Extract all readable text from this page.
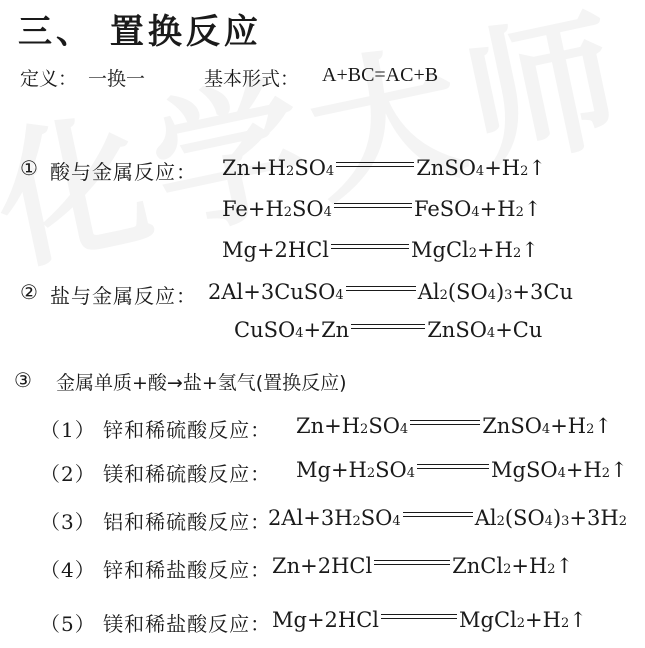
三、 置换反应
定义： 一换一	基本形式： A+BC=AC+B
① 酸与金属反应： Zn+H 2 SO 4	ZnSO$_4$ +H 2 ↑
Fe+H 2 SO 4	FeSO$_4$ +H 2 ↑
Mg+2HCl	MgCl$_2$ +H 2 ↑
② 盐与金属反应： 2Al+3CuSO 4	$Al_2$ (SO 4 ) 3 +3Cu
CuSO 4 +Zn	ZnSO$_4$ +Cu
③ 金属单质+酸→盐+氢气(置换反应)
（1） 锌和稀硫酸反应： Zn+H 2 SO 4	ZnSO$_4$ +H 2 ↑
（2） 镁和稀硫酸反应： Mg+H 2 SO 4	MgSO$_4$ +H 2 ↑
（3） 铝和稀硫酸反应：
2Al+3H 2 SO 4	$Al_2$ (SO 4 ) 3 +3H 2
（4） 锌和稀盐酸反应： Zn+2HCl	ZnCl$_2$ +H 2 ↑
（5） 镁和稀盐酸反应： Mg+2HCl	MgCl$_2$ +H 2 ↑
